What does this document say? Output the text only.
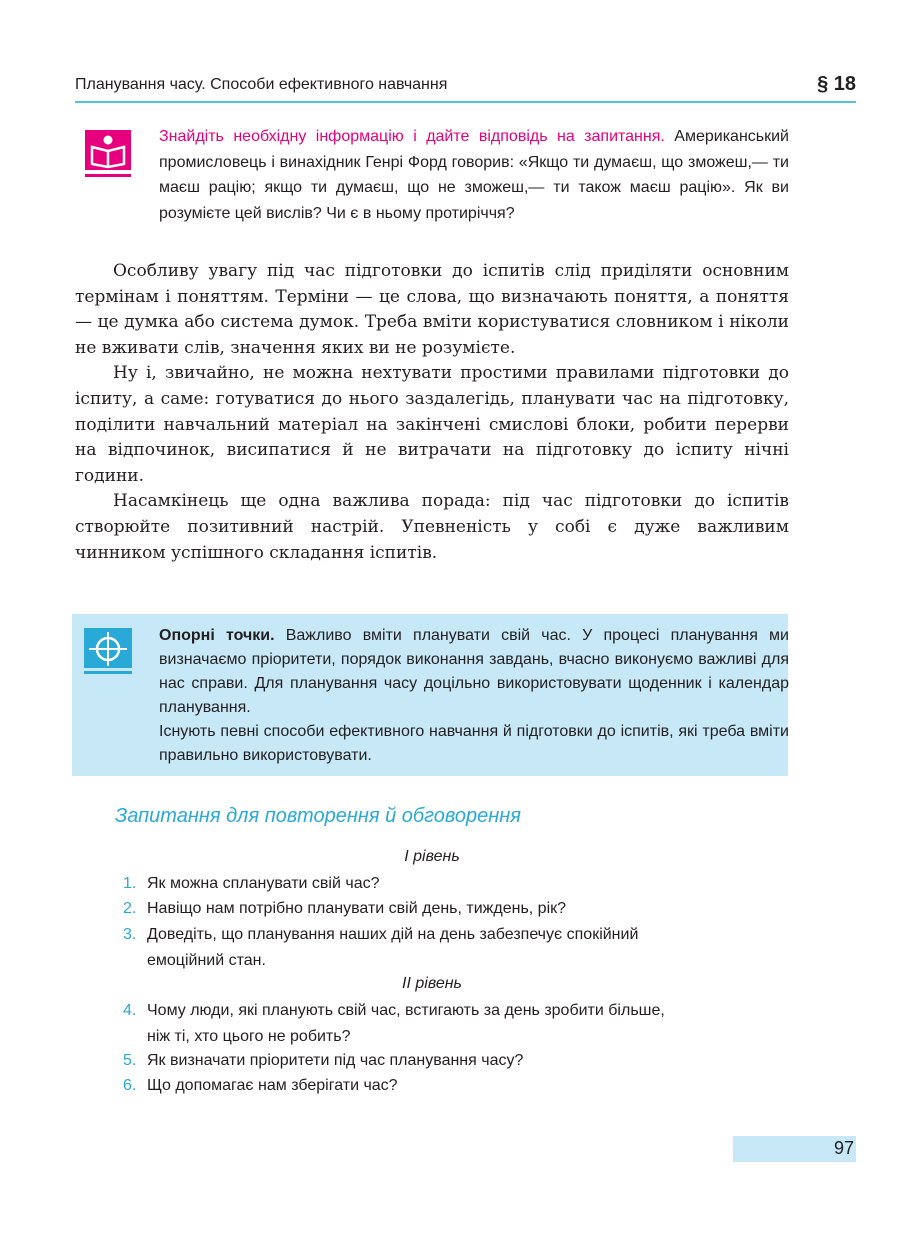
Планування часу. Способи ефективного навчання	§ 18
Знайдіть необхідну інформацію і дайте відповідь на запитання. Американський промисловець і винахідник Генрі Форд говорив: «Якщо ти думаєш, що зможеш,— ти маєш рацію; якщо ти думаєш, що не зможеш,— ти також маєш рацію». Як ви розумієте цей вислів? Чи є в ньому протиріччя?

Особливу увагу під час підготовки до іспитів слід приділяти основним термінам і поняттям. Терміни — це слова, що визначають поняття, а поняття — це думка або система думок. Треба вміти користуватися словником і ніколи не вживати слів, значення яких ви не розумієте.

Ну і, звичайно, не можна нехтувати простими правилами підготовки до іспиту, а саме: готуватися до нього заздалегідь, планувати час на підготовку, поділити навчальний матеріал на закінчені смислові блоки, робити перерви на відпочинок, висипатися й не витрачати на підготовку до іспиту нічні години.

Насамкінець ще одна важлива порада: під час підготовки до іспитів створюйте позитивний настрій. Упевненість у собі є дуже важливим чинником успішного складання іспитів.

Опорні точки. Важливо вміти планувати свій час. У процесі планування ми визначаємо пріоритети, порядок виконання завдань, вчасно виконуємо важливі для нас справи. Для планування часу доцільно використовувати щоденник і календар планування.
Існують певні способи ефективного навчання й підготовки до іспитів, які треба вміти правильно використовувати.
Запитання для повторення й обговорення
I рівень
1. Як можна спланувати свій час?
2. Навіщо нам потрібно планувати свій день, тиждень, рік?
3. Доведіть, що планування наших дій на день забезпечує спокійний
емоційний стан.
II рівень
4. Чому люди, які планують свій час, встигають за день зробити більше,
ніж ті, хто цього не робить?
5. Як визначати пріоритети під час планування часу?
6. Що допомагає нам зберігати час?
97
